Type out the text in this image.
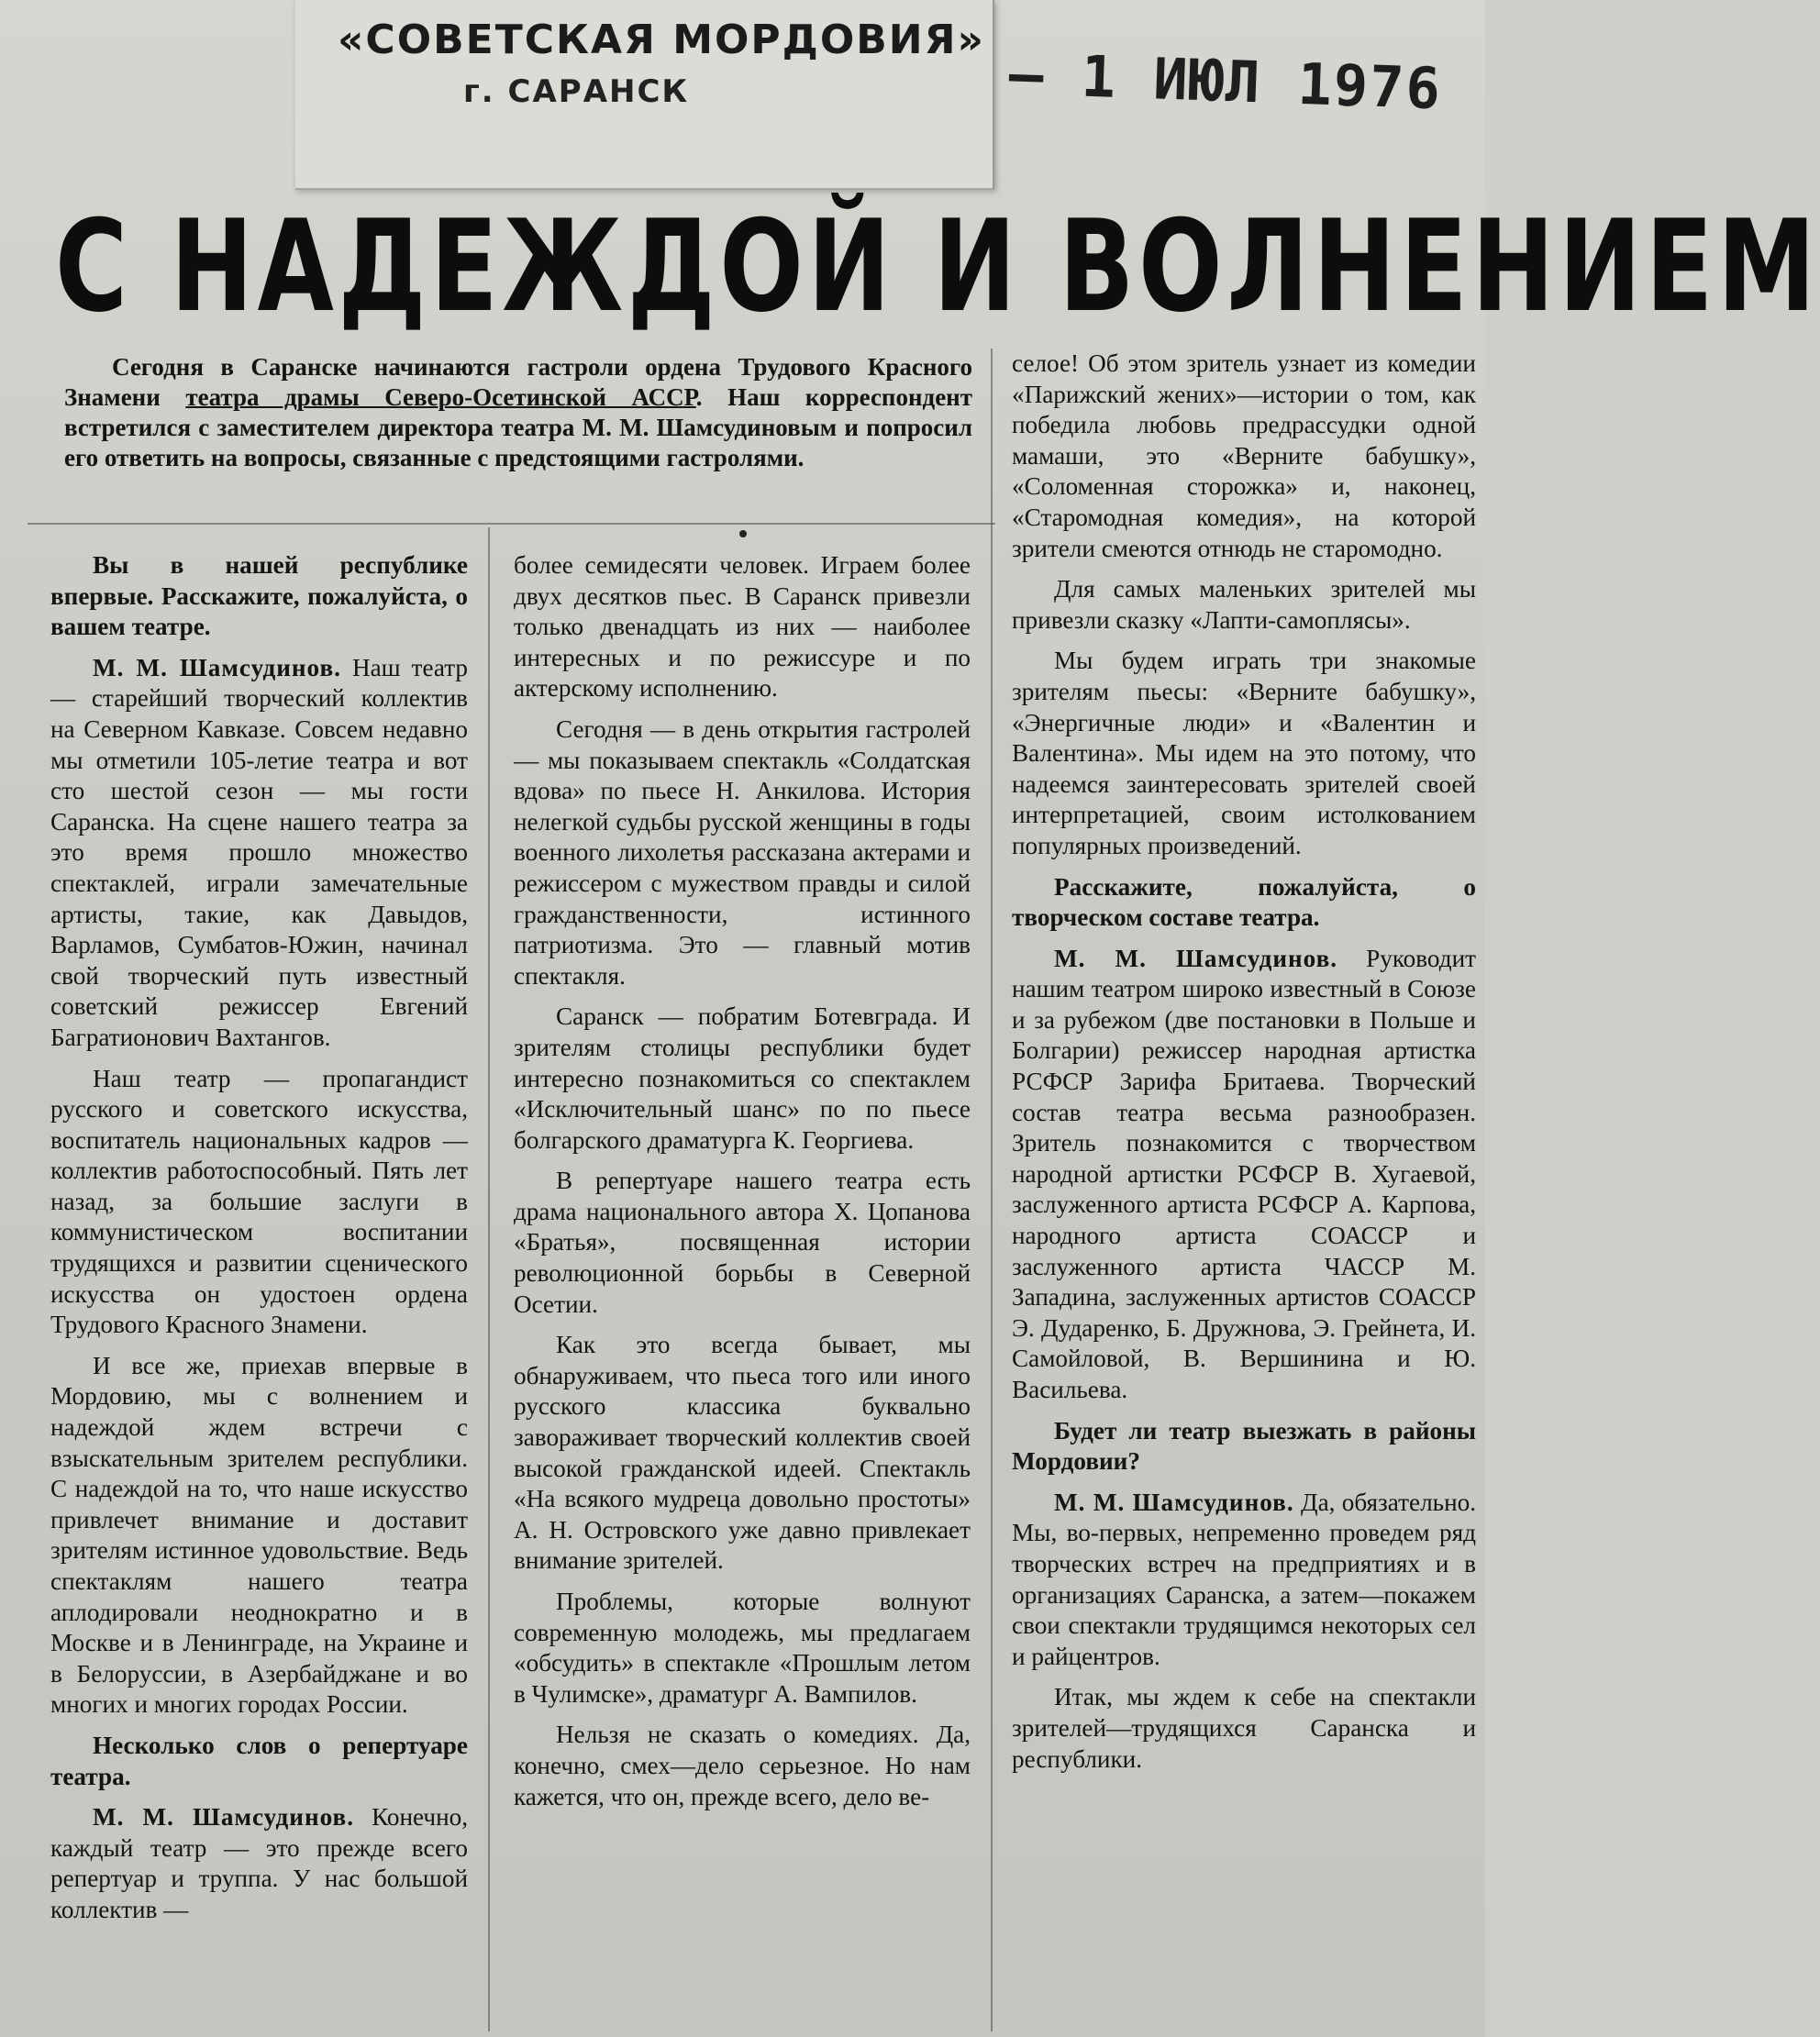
«СОВЕТСКАЯ МОРДОВИЯ»
г. САРАНСК	– 1 ИЮЛ 1976
С НАДЕЖДОЙ И ВОЛНЕНИЕМ
Сегодня в Саранске начинаются гастроли ордена Трудового Красного Знамени театра драмы Северо-Осетинской АССР. Наш корреспондент встретился с заместителем директора театра М. М. Шамсудиновым и попросил его ответить на вопросы, связанные с предстоящими гастролями.

Вы в нашей республике впервые. Расскажите, пожалуйста, о вашем театре.

М. М. Шамсудинов. Наш театр — старейший творческий коллектив на Северном Кавказе. Совсем недавно мы отметили 105-летие театра и вот сто шестой сезон — мы гости Саранска. На сцене нашего театра за это время прошло множество спектаклей, играли замечательные артисты, такие, как Давыдов, Варламов, Сумбатов-Южин, начинал свой творческий путь известный советский режиссер Евгений Багратионович Вахтангов.

Наш театр — пропагандист русского и советского искусства, воспитатель национальных кадров — коллектив работоспособный. Пять лет назад, за большие заслуги в коммунистическом воспитании трудящихся и развитии сценического искусства он удостоен ордена Трудового Красного Знамени.

И все же, приехав впервые в Мордовию, мы с волнением и надеждой ждем встречи с взыскательным зрителем республики. С надеждой на то, что наше искусство привлечет внимание и доставит зрителям истинное удовольствие. Ведь спектаклям нашего театра аплодировали неоднократно и в Москве и в Ленинграде, на Украине и в Белоруссии, в Азербайджане и во многих и многих городах России.

Несколько слов о репертуаре театра.

М. М. Шамсудинов. Конечно, каждый театр — это прежде всего репертуар и труппа. У нас большой коллектив —

более семидесяти человек. Играем более двух десятков пьес. В Саранск привезли только двенадцать из них — наиболее интересных и по режиссуре и по актерскому исполнению.

Сегодня — в день открытия гастролей — мы показываем спектакль «Солдатская вдова» по пьесе Н. Анкилова. История нелегкой судьбы русской женщины в годы военного лихолетья рассказана актерами и режиссером с мужеством правды и силой гражданственности, истинного патриотизма. Это — главный мотив спектакля.

Саранск — побратим Ботевграда. И зрителям столицы республики будет интересно познакомиться со спектаклем «Исключительный шанс» по по пьесе болгарского драматурга К. Георгиева.

В репертуаре нашего театра есть драма национального автора Х. Цопанова «Братья», посвященная истории революционной борьбы в Северной Осетии.

Как это всегда бывает, мы обнаруживаем, что пьеса того или иного русского классика буквально завораживает творческий коллектив своей высокой гражданской идеей. Спектакль «На всякого мудреца довольно простоты» А. Н. Островского уже давно привлекает внимание зрителей.

Проблемы, которые волнуют современную молодежь, мы предлагаем «обсудить» в спектакле «Прошлым летом в Чулимске», драматург А. Вампилов.

Нельзя не сказать о комедиях. Да, конечно, смех—дело серьезное. Но нам кажется, что он, прежде всего, дело ве-

селое! Об этом зритель узнает из комедии «Парижский жених»—истории о том, как победила любовь предрассудки одной мамаши, это «Верните бабушку», «Соломенная сторожка» и, наконец, «Старомодная комедия», на которой зрители смеются отнюдь не старомодно.

Для самых маленьких зрителей мы привезли сказку «Лапти-самоплясы».

Мы будем играть три знакомые зрителям пьесы: «Верните бабушку», «Энергичные люди» и «Валентин и Валентина». Мы идем на это потому, что надеемся заинтересовать зрителей своей интерпретацией, своим истолкованием популярных произведений.

Расскажите, пожалуйста, о творческом составе театра.

М. М. Шамсудинов. Руководит нашим театром широко известный в Союзе и за рубежом (две постановки в Польше и Болгарии) режиссер народная артистка РСФСР Зарифа Бритаева. Творческий состав театра весьма разнообразен. Зритель познакомится с творчеством народной артистки РСФСР В. Хугаевой, заслуженного артиста РСФСР А. Карпова, народного артиста СОАССР и заслуженного артиста ЧАССР М. Западина, заслуженных артистов СОАССР Э. Дударенко, Б. Дружнова, Э. Грейнета, И. Самойловой, В. Вершинина и Ю. Васильева.

Будет ли театр выезжать в районы Мордовии?

М. М. Шамсудинов. Да, обязательно. Мы, во-первых, непременно проведем ряд творческих встреч на предприятиях и в организациях Саранска, а затем—покажем свои спектакли трудящимся некоторых сел и райцентров.

Итак, мы ждем к себе на спектакли зрителей—трудящихся Саранска и республики.
